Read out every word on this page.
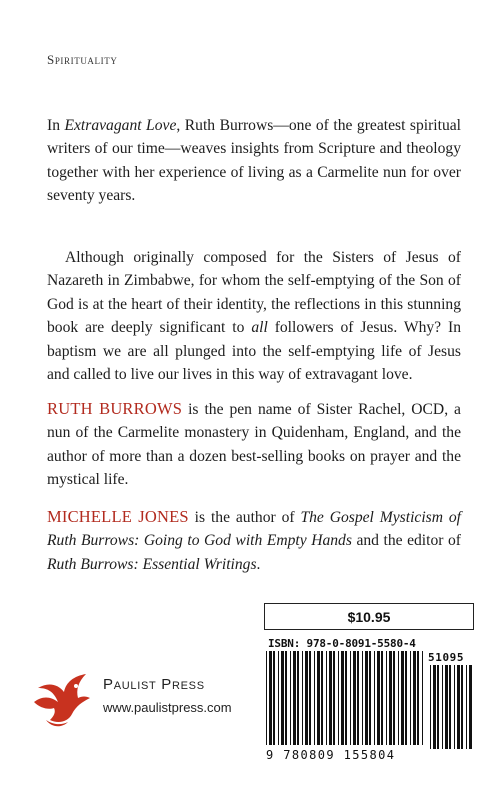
Spirituality

In Extravagant Love, Ruth Burrows—one of the greatest spiritual writers of our time—weaves insights from Scripture and theology together with her experience of living as a Carmelite nun for over seventy years.

Although originally composed for the Sisters of Jesus of Nazareth in Zimbabwe, for whom the self-emptying of the Son of God is at the heart of their identity, the reflections in this stunning book are deeply significant to all followers of Jesus. Why? In baptism we are all plunged into the self-emptying life of Jesus and called to live our lives in this way of extravagant love.

RUTH BURROWS is the pen name of Sister Rachel, OCD, a nun of the Carmelite monastery in Quidenham, England, and the author of more than a dozen best-selling books on prayer and the mystical life.

MICHELLE JONES is the author of The Gospel Mysticism of Ruth Burrows: Going to God with Empty Hands and the editor of Ruth Burrows: Essential Writings.

$10.95
ISBN: 978-0-8091-5580-4
9 780809 155804
51095
Paulist Press
www.paulistpress.com
